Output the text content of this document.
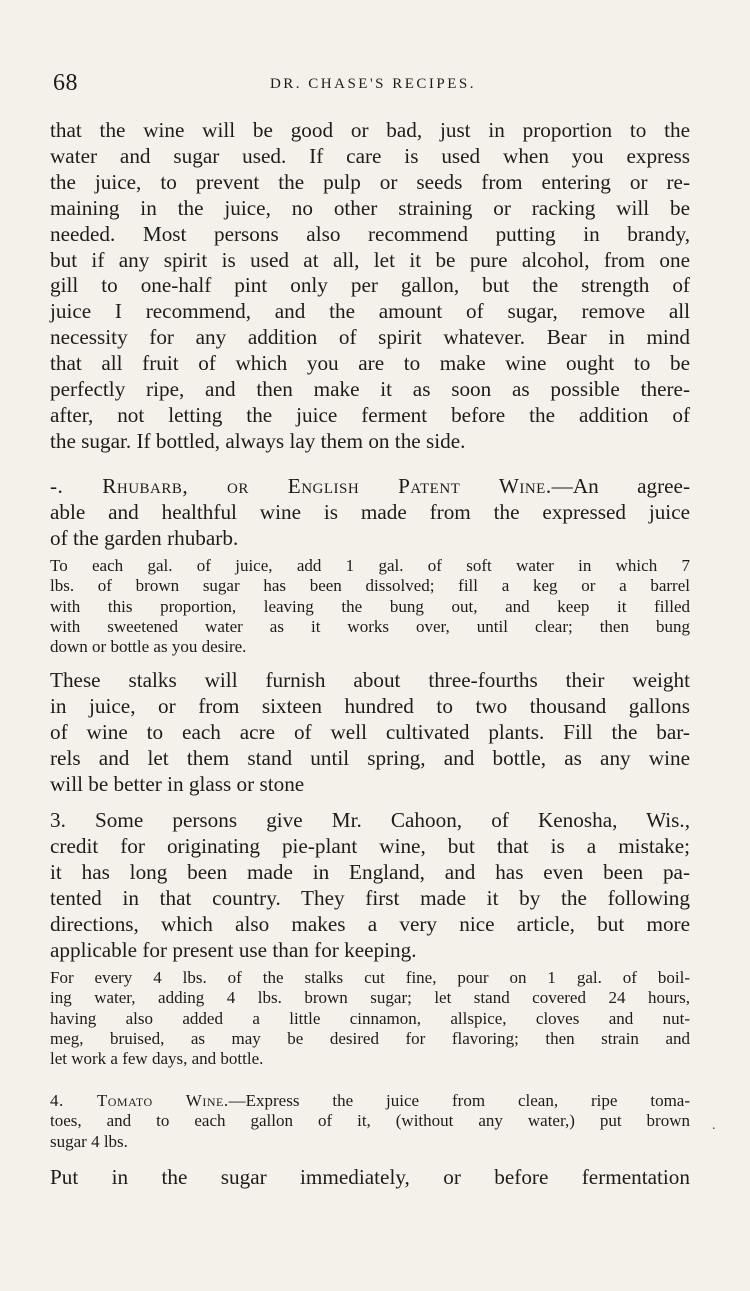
68	DR. CHASE'S RECIPES.
that the wine will be good or bad, just in proportion to the
water and sugar used. If care is used when you express
the juice, to prevent the pulp or seeds from entering or re-
maining in the juice, no other straining or racking will be
needed. Most persons also recommend putting in brandy,
but if any spirit is used at all, let it be pure alcohol, from one
gill to one-half pint only per gallon, but the strength of
juice I recommend, and the amount of sugar, remove all
necessity for any addition of spirit whatever. Bear in mind
that all fruit of which you are to make wine ought to be
perfectly ripe, and then make it as soon as possible there-
after, not letting the juice ferment before the addition of
the sugar. If bottled, always lay them on the side.
-. Rhubarb, or English Patent Wine.—An agree-
able and healthful wine is made from the expressed juice
of the garden rhubarb.
To each gal. of juice, add 1 gal. of soft water in which 7
lbs. of brown sugar has been dissolved; fill a keg or a barrel
with this proportion, leaving the bung out, and keep it filled
with sweetened water as it works over, until clear; then bung
down or bottle as you desire.
These stalks will furnish about three-fourths their weight
in juice, or from sixteen hundred to two thousand gallons
of wine to each acre of well cultivated plants. Fill the bar-
rels and let them stand until spring, and bottle, as any wine
will be better in glass or stone
3. Some persons give Mr. Cahoon, of Kenosha, Wis.,
credit for originating pie-plant wine, but that is a mistake;
it has long been made in England, and has even been pa-
tented in that country. They first made it by the following
directions, which also makes a very nice article, but more
applicable for present use than for keeping.
For every 4 lbs. of the stalks cut fine, pour on 1 gal. of boil-
ing water, adding 4 lbs. brown sugar; let stand covered 24 hours,
having also added a little cinnamon, allspice, cloves and nut-
meg, bruised, as may be desired for flavoring; then strain and
let work a few days, and bottle.
4. Tomato Wine.—Express the juice from clean, ripe toma-
toes, and to each gallon of it, (without any water,) put brown
sugar 4 lbs.
.
Put in the sugar immediately, or before fermentation
